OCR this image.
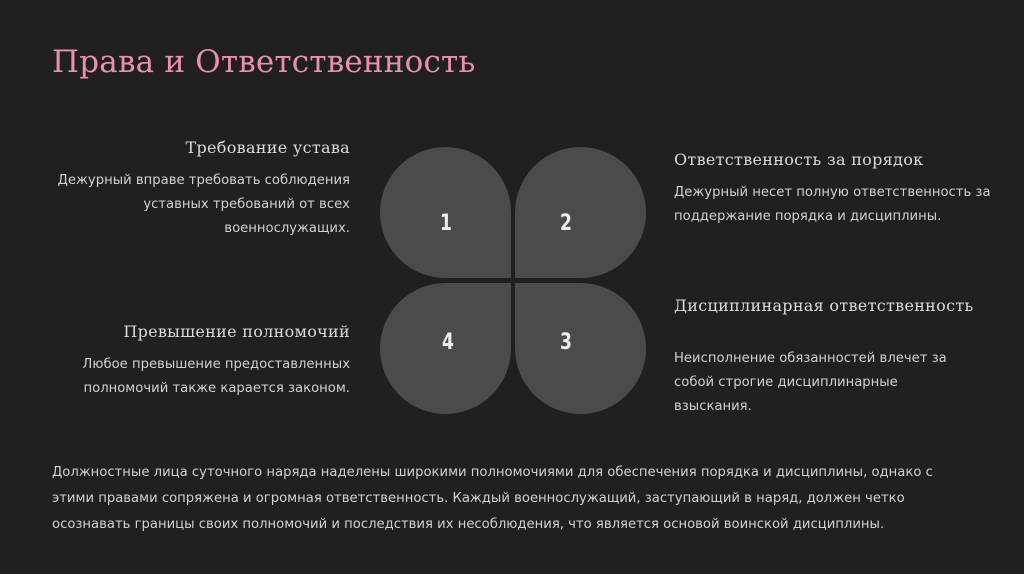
Права и Ответственность
Требование устава
Дежурный вправе требовать соблюдения уставных требований от всех военнослужащих.
Ответственность за порядок
Дежурный несет полную ответственность за поддержание порядка и дисциплины.
Дисциплинарная ответственность
Неисполнение обязанностей влечет за собой строгие дисциплинарные взыскания.
Превышение полномочий
Любое превышение предоставленных полномочий также карается законом.
1	2
3
4
Должностные лица суточного наряда наделены широкими полномочиями для обеспечения порядка и дисциплины, однако с этими правами сопряжена и огромная ответственность. Каждый военнослужащий, заступающий в наряд, должен четко осознавать границы своих полномочий и последствия их несоблюдения, что является основой воинской дисциплины.
